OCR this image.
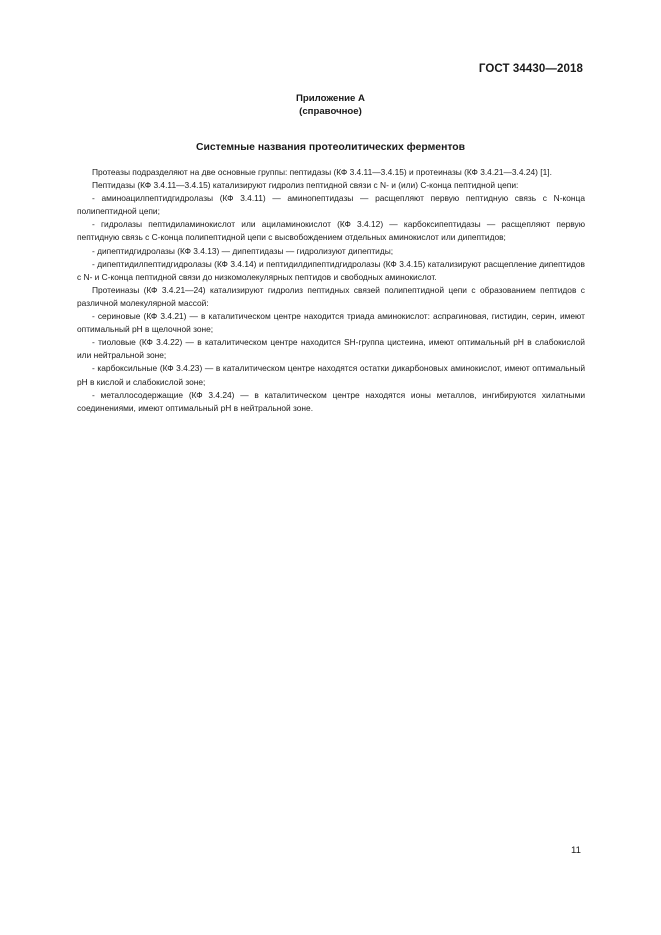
ГОСТ 34430—2018
Приложение А
(справочное)
Системные названия протеолитических ферментов

Протеазы подразделяют на две основные группы: пептидазы (КФ 3.4.11—3.4.15) и протеиназы (КФ 3.4.21—3.4.24) [1].

Пептидазы (КФ 3.4.11—3.4.15) катализируют гидролиз пептидной связи с N- и (или) С-конца пептидной цепи:

- аминоацилпептидгидролазы (КФ 3.4.11) — аминопептидазы — расщепляют первую пептидную связь с N-конца полипептидной цепи;

- гидролазы пептидиламинокислот или ациламинокислот (КФ 3.4.12) — карбоксипептидазы — расщепляют первую пептидную связь с С-конца полипептидной цепи с высвобождением отдельных аминокислот или дипептидов;

- дипептидгидролазы (КФ 3.4.13) — дипептидазы — гидролизуют дипептиды;

- дипептидилпептидгидролазы (КФ 3.4.14) и пептидилдипептидгидролазы (КФ 3.4.15) катализируют расщепление дипептидов с N- и С-конца пептидной связи до низкомолекулярных пептидов и свободных аминокислот.

Протеиназы (КФ 3.4.21—24) катализируют гидролиз пептидных связей полипептидной цепи с образованием пептидов с различной молекулярной массой:

- сериновые (КФ 3.4.21) — в каталитическом центре находится триада аминокислот: аспрагиновая, гистидин, серин, имеют оптимальный рН в щелочной зоне;

- тиоловые (КФ 3.4.22) — в каталитическом центре находится SH-группа цистеина, имеют оптимальный рН в слабокислой или нейтральной зоне;

- карбоксильные (КФ 3.4.23) — в каталитическом центре находятся остатки дикарбоновых аминокислот, имеют оптимальный рН в кислой и слабокислой зоне;

- металлосодержащие (КФ 3.4.24) — в каталитическом центре находятся ионы металлов, ингибируются хилатными соединениями, имеют оптимальный рН в нейтральной зоне.

11
